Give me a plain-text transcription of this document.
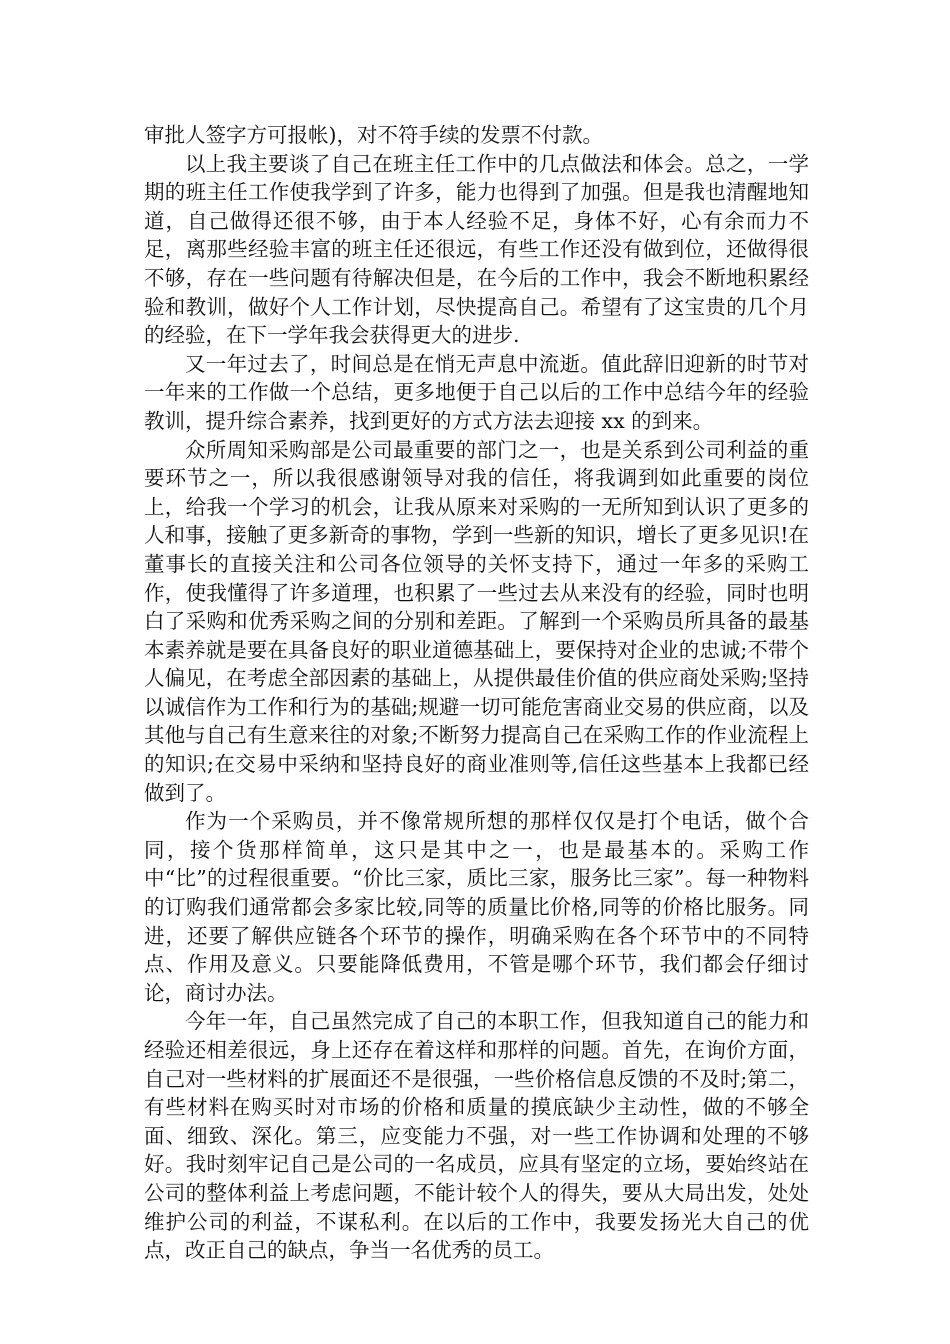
审批人签字方可报帐)，对不符手续的发票不付款。

以上我主要谈了自己在班主任工作中的几点做法和体会。总之，一学期的班主任工作使我学到了许多，能力也得到了加强。但是我也清醒地知道，自己做得还很不够，由于本人经验不足，身体不好，心有余而力不足，离那些经验丰富的班主任还很远，有些工作还没有做到位，还做得很不够，存在一些问题有待解决但是，在今后的工作中，我会不断地积累经验和教训，做好个人工作计划，尽快提高自己。希望有了这宝贵的几个月的经验，在下一学年我会获得更大的进步.

又一年过去了，时间总是在悄无声息中流逝。值此辞旧迎新的时节对一年来的工作做一个总结，更多地便于自己以后的工作中总结今年的经验教训，提升综合素养，找到更好的方式方法去迎接 xx 的到来。

众所周知采购部是公司最重要的部门之一，也是关系到公司利益的重要环节之一，所以我很感谢领导对我的信任，将我调到如此重要的岗位上，给我一个学习的机会，让我从原来对采购的一无所知到认识了更多的人和事，接触了更多新奇的事物，学到一些新的知识，增长了更多见识!在董事长的直接关注和公司各位领导的关怀支持下，通过一年多的采购工作，使我懂得了许多道理，也积累了一些过去从来没有的经验，同时也明白了采购和优秀采购之间的分别和差距。了解到一个采购员所具备的最基本素养就是要在具备良好的职业道德基础上，要保持对企业的忠诚;不带个人偏见，在考虑全部因素的基础上，从提供最佳价值的供应商处采购;坚持以诚信作为工作和行为的基础;规避一切可能危害商业交易的供应商，以及其他与自己有生意来往的对象;不断努力提高自己在采购工作的作业流程上的知识;在交易中采纳和坚持良好的商业准则等,信任这些基本上我都已经做到了。

作为一个采购员，并不像常规所想的那样仅仅是打个电话，做个合同，接个货那样简单，这只是其中之一，也是最基本的。采购工作中“比”的过程很重要。“价比三家，质比三家，服务比三家”。每一种物料的订购我们通常都会多家比较,同等的质量比价格,同等的价格比服务。同进，还要了解供应链各个环节的操作，明确采购在各个环节中的不同特点、作用及意义。只要能降低费用，不管是哪个环节，我们都会仔细讨论，商讨办法。

今年一年，自己虽然完成了自己的本职工作，但我知道自己的能力和经验还相差很远，身上还存在着这样和那样的问题。首先，在询价方面，自己对一些材料的扩展面还不是很强，一些价格信息反馈的不及时;第二，有些材料在购买时对市场的价格和质量的摸底缺少主动性，做的不够全面、细致、深化。第三，应变能力不强，对一些工作协调和处理的不够好。我时刻牢记自己是公司的一名成员，应具有坚定的立场，要始终站在公司的整体利益上考虑问题，不能计较个人的得失，要从大局出发，处处维护公司的利益，不谋私利。在以后的工作中，我要发扬光大自己的优点，改正自己的缺点，争当一名优秀的员工。
